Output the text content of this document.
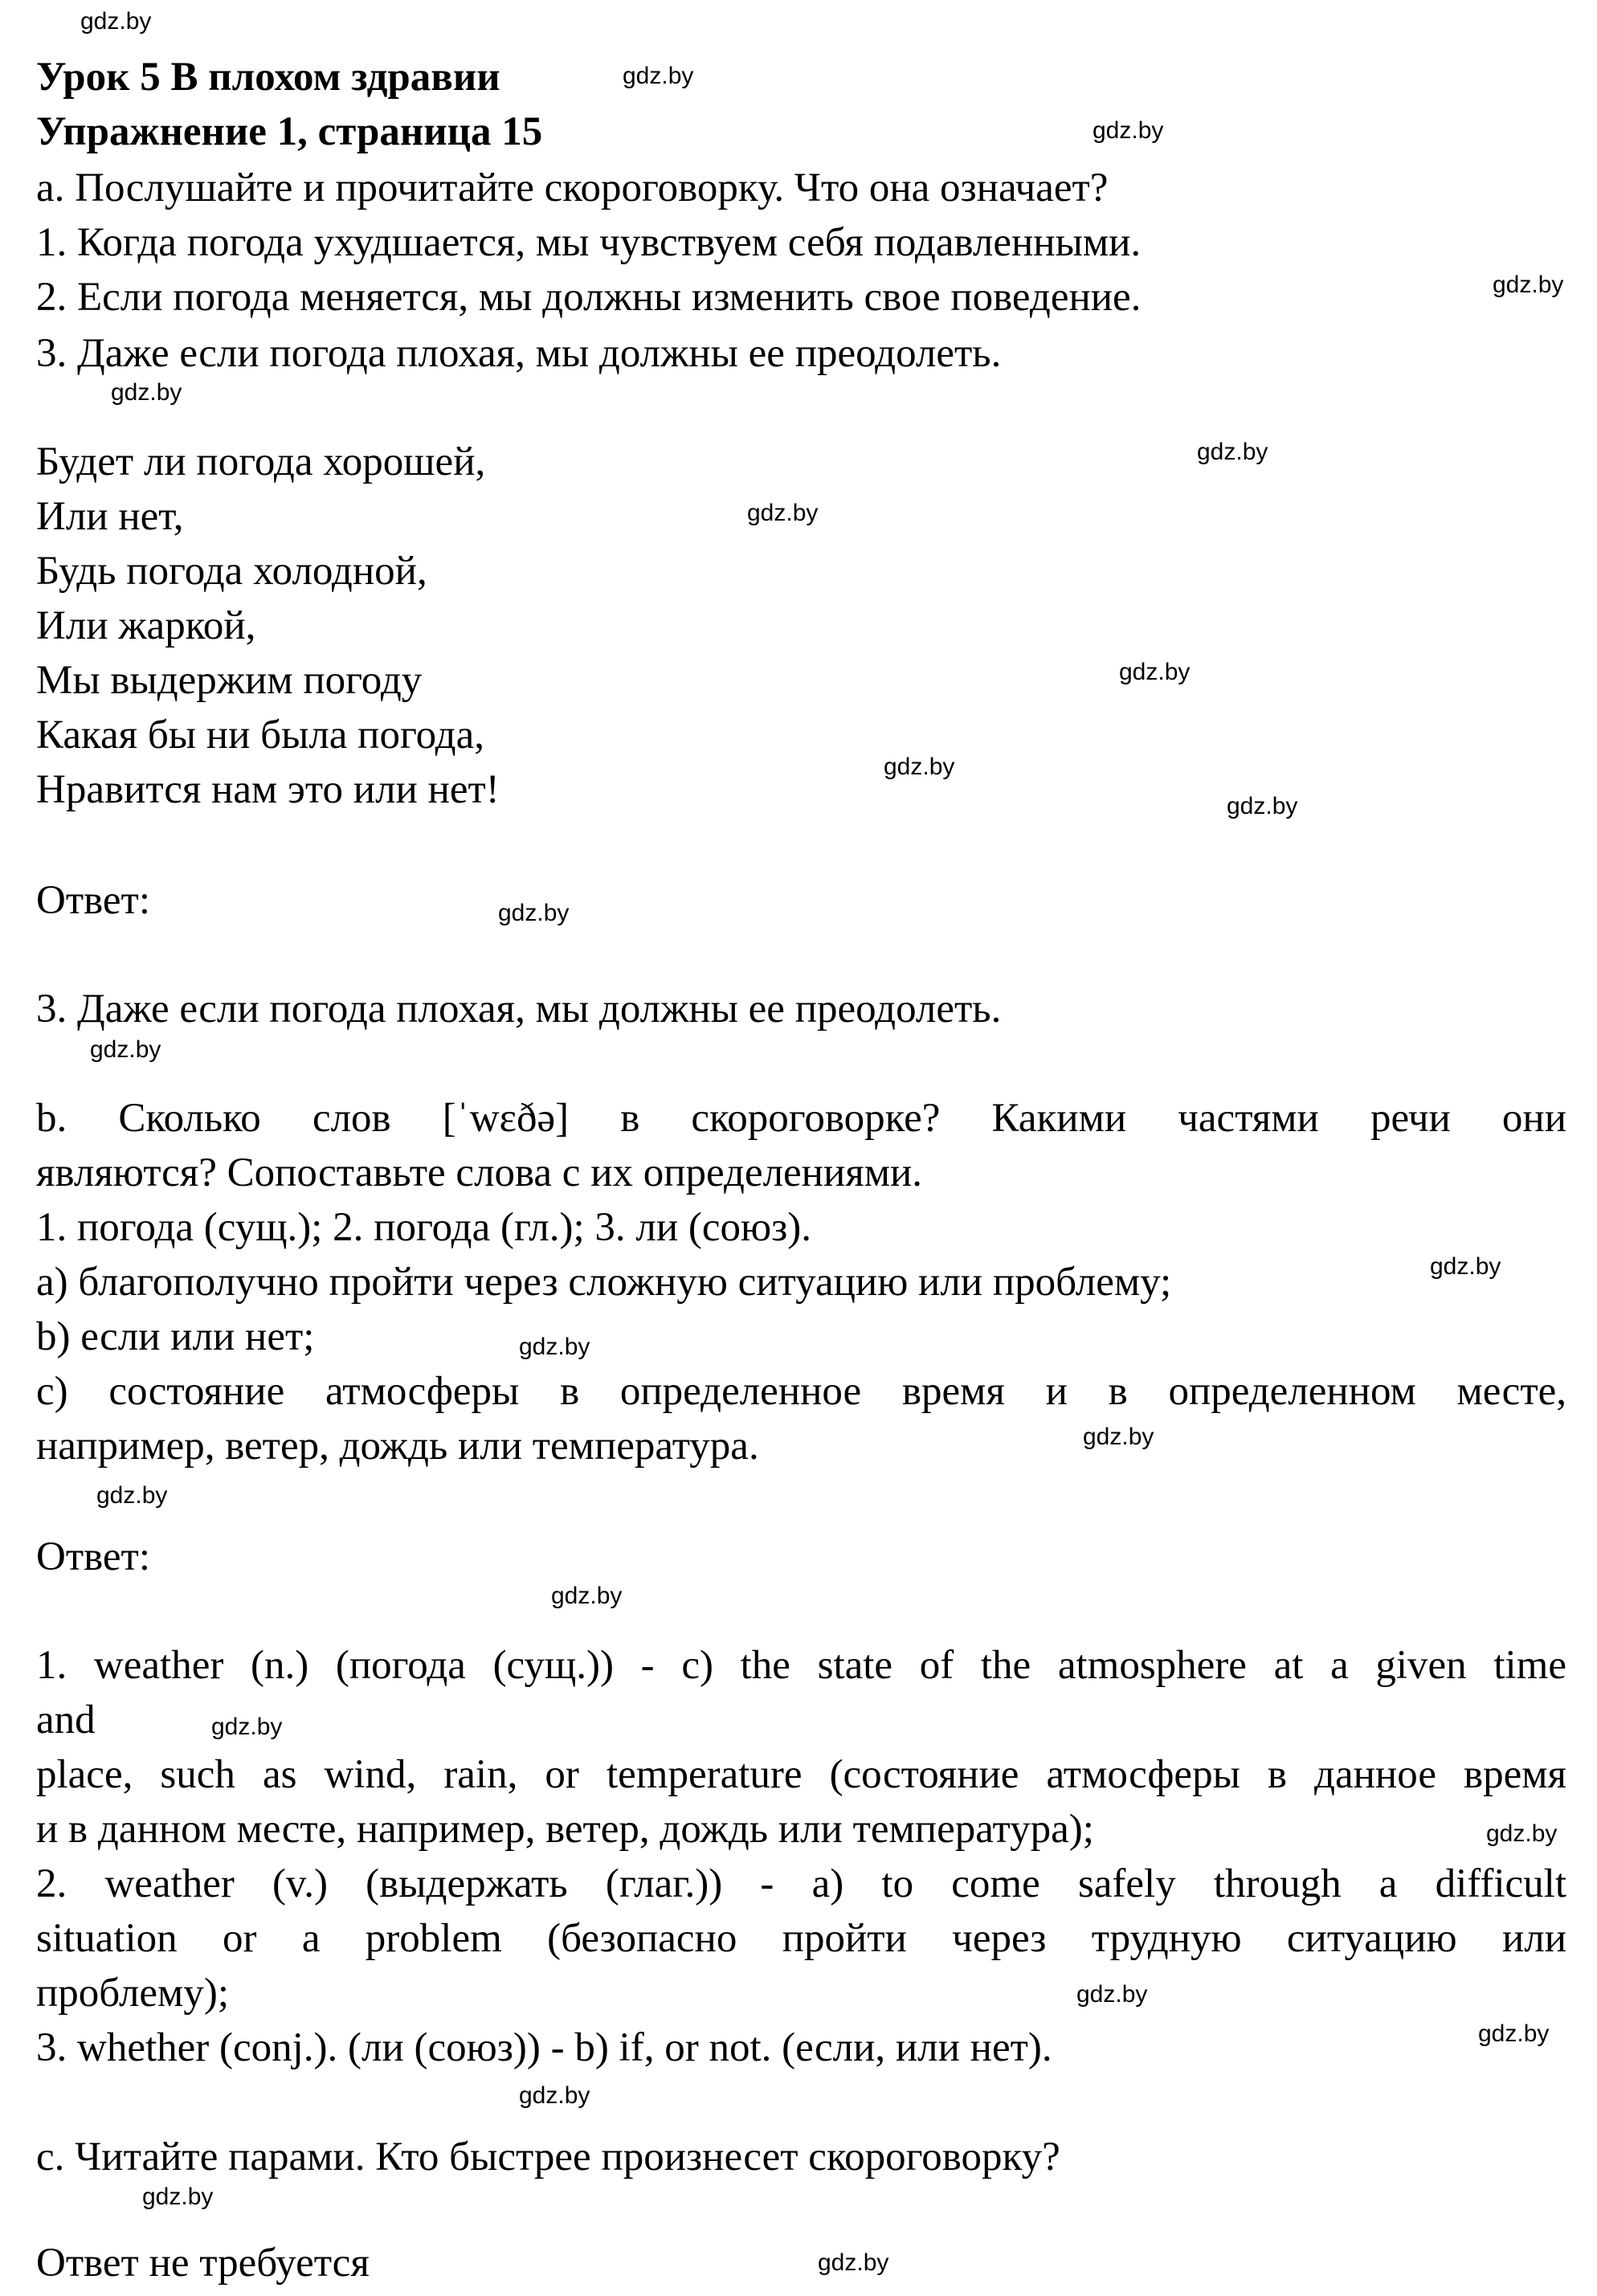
Урок 5 В плохом здравии

Упражнение 1, страница 15

a. Послушайте и прочитайте скороговорку. Что она означает?

1. Когда погода ухудшается, мы чувствуем себя подавленными.

2. Если погода меняется, мы должны изменить свое поведение.

3. Даже если погода плохая, мы должны ее преодолеть.

Будет ли погода хорошей,

Или нет,

Будь погода холодной,

Или жаркой,

Мы выдержим погоду

Какая бы ни была погода,

Нравится нам это или нет!

Ответ:

3. Даже если погода плохая, мы должны ее преодолеть.

b. Сколько слов [ˈwεðə] в скороговорке? Какими частями речи они

являются? Сопоставьте слова с их определениями.

1. погода (сущ.); 2. погода (гл.); 3. ли (союз).

a) благополучно пройти через сложную ситуацию или проблему;

b) если или нет;

c) состояние атмосферы в определенное время и в определенном месте,

например, ветер, дождь или температура.

Ответ:

1. weather (n.) (погода (сущ.)) - c) the state of the atmosphere at a given time

and

place, such as wind, rain, or temperature (состояние атмосферы в данное время

и в данном месте, например, ветер, дождь или температура);

2. weather (v.) (выдержать (глаг.)) - a) to come safely through a difficult

situation or a problem (безопасно пройти через трудную ситуацию или

проблему);

3. whether (conj.). (ли (союз)) - b) if, or not. (если, или нет).

c. Читайте парами. Кто быстрее произнесет скороговорку?

Ответ не требуется

gdz.by
gdz.by
gdz.by
gdz.by
gdz.by
gdz.by
gdz.by
gdz.by
gdz.by
gdz.by
gdz.by
gdz.by
gdz.by
gdz.by
gdz.by
gdz.by
gdz.by
gdz.by
gdz.by
gdz.by
gdz.by
gdz.by
gdz.by
gdz.by
